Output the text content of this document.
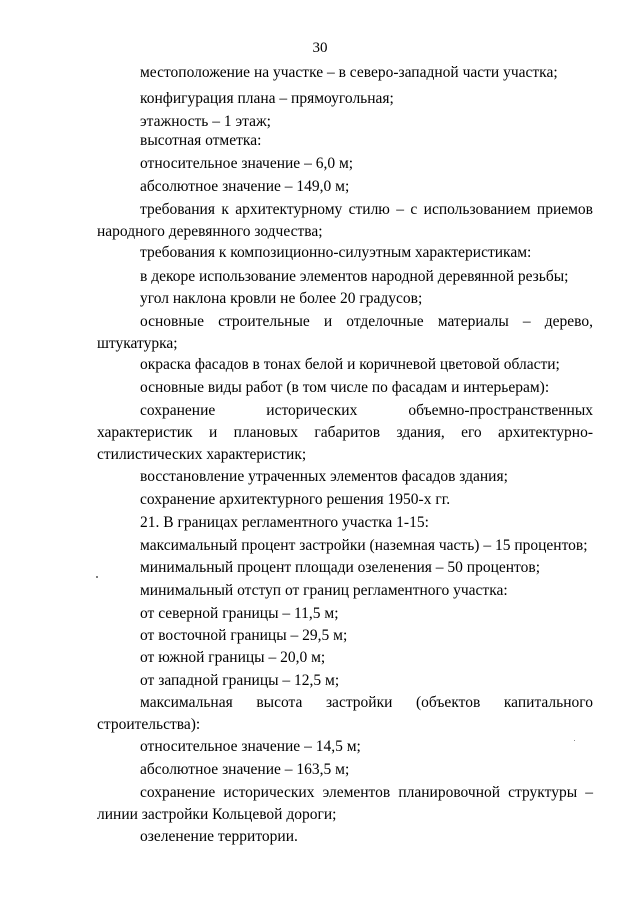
30
местоположение на участке – в северо-западной части участка;
конфигурация плана – прямоугольная;
этажность – 1 этаж;
высотная отметка:
относительное значение – 6,0 м;
абсолютное значение – 149,0 м;
требования к архитектурному стилю – с использованием приемов народного деревянного зодчества;
требования к композиционно-силуэтным характеристикам:
в декоре использование элементов народной деревянной резьбы;
угол наклона кровли не более 20 градусов;
основные строительные и отделочные материалы – дерево, штукатурка;
окраска фасадов в тонах белой и коричневой цветовой области;
основные виды работ (в том числе по фасадам и интерьерам):
сохранение исторических объемно-пространственных характеристик и плановых габаритов здания, его архитектурно-стилистических характеристик;
восстановление утраченных элементов фасадов здания;
сохранение архитектурного решения 1950-х гг.
21. В границах регламентного участка 1-15:
максимальный процент застройки (наземная часть) – 15 процентов;
минимальный процент площади озеленения – 50 процентов;
минимальный отступ от границ регламентного участка:
от северной границы – 11,5 м;
от восточной границы – 29,5 м;
от южной границы – 20,0 м;
от западной границы – 12,5 м;
максимальная высота застройки (объектов капитального строительства):
относительное значение – 14,5 м;
абсолютное значение – 163,5 м;
сохранение исторических элементов планировочной структуры – линии застройки Кольцевой дороги;
озеленение территории.
